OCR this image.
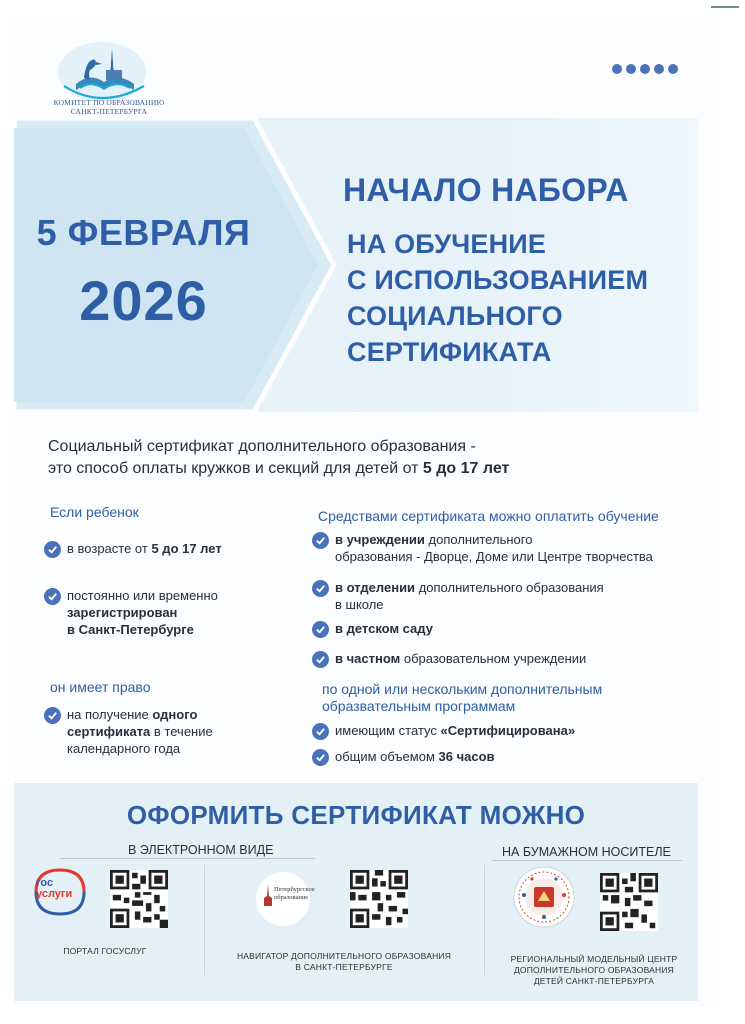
КОМИТЕТ ПО ОБРАЗОВАНИЮ
САНКТ-ПЕТЕРБУРГА
5 ФЕВРАЛЯ
2026
НАЧАЛО НАБОРА
НА ОБУЧЕНИЕ
С ИСПОЛЬЗОВАНИЕМ
СОЦИАЛЬНОГО
СЕРТИФИКАТА
Социальный сертификат дополнительного образования -
это способ оплаты кружков и секций для детей от 5 до 17 лет
Если ребенок
в возрасте от 5 до 17 лет
постоянно или временно
зарегистрирован
в Санкт-Петербурге
он имеет право
на получение одного
сертификата в течение
календарного года
Средствами сертификата можно оплатить обучение
в учреждении дополнительного
образования - Дворце, Доме или Центре творчества
в отделении дополнительного образования
в школе
в детском саду
в частном образовательном учреждении
по одной или нескольким дополнительным
образвательным программам
имеющим статус «Сертифицирована»
общим объемом 36 часов
ОФОРМИТЬ СЕРТИФИКАТ МОЖНО
В ЭЛЕКТРОННОМ ВИДЕ	НА БУМАЖНОМ НОСИТЕЛЕ
гос
услуги	Петербургское
образование
ПОРТАЛ ГОСУСЛУГ	НАВИГАТОР ДОПОЛНИТЕЛЬНОГО ОБРАЗОВАНИЯ
В САНКТ-ПЕТЕРБУРГЕ
РЕГИОНАЛЬНЫЙ МОДЕЛЬНЫЙ ЦЕНТР
ДОПОЛНИТЕЛЬНОГО ОБРАЗОВАНИЯ
ДЕТЕЙ САНКТ-ПЕТЕРБУРГА
